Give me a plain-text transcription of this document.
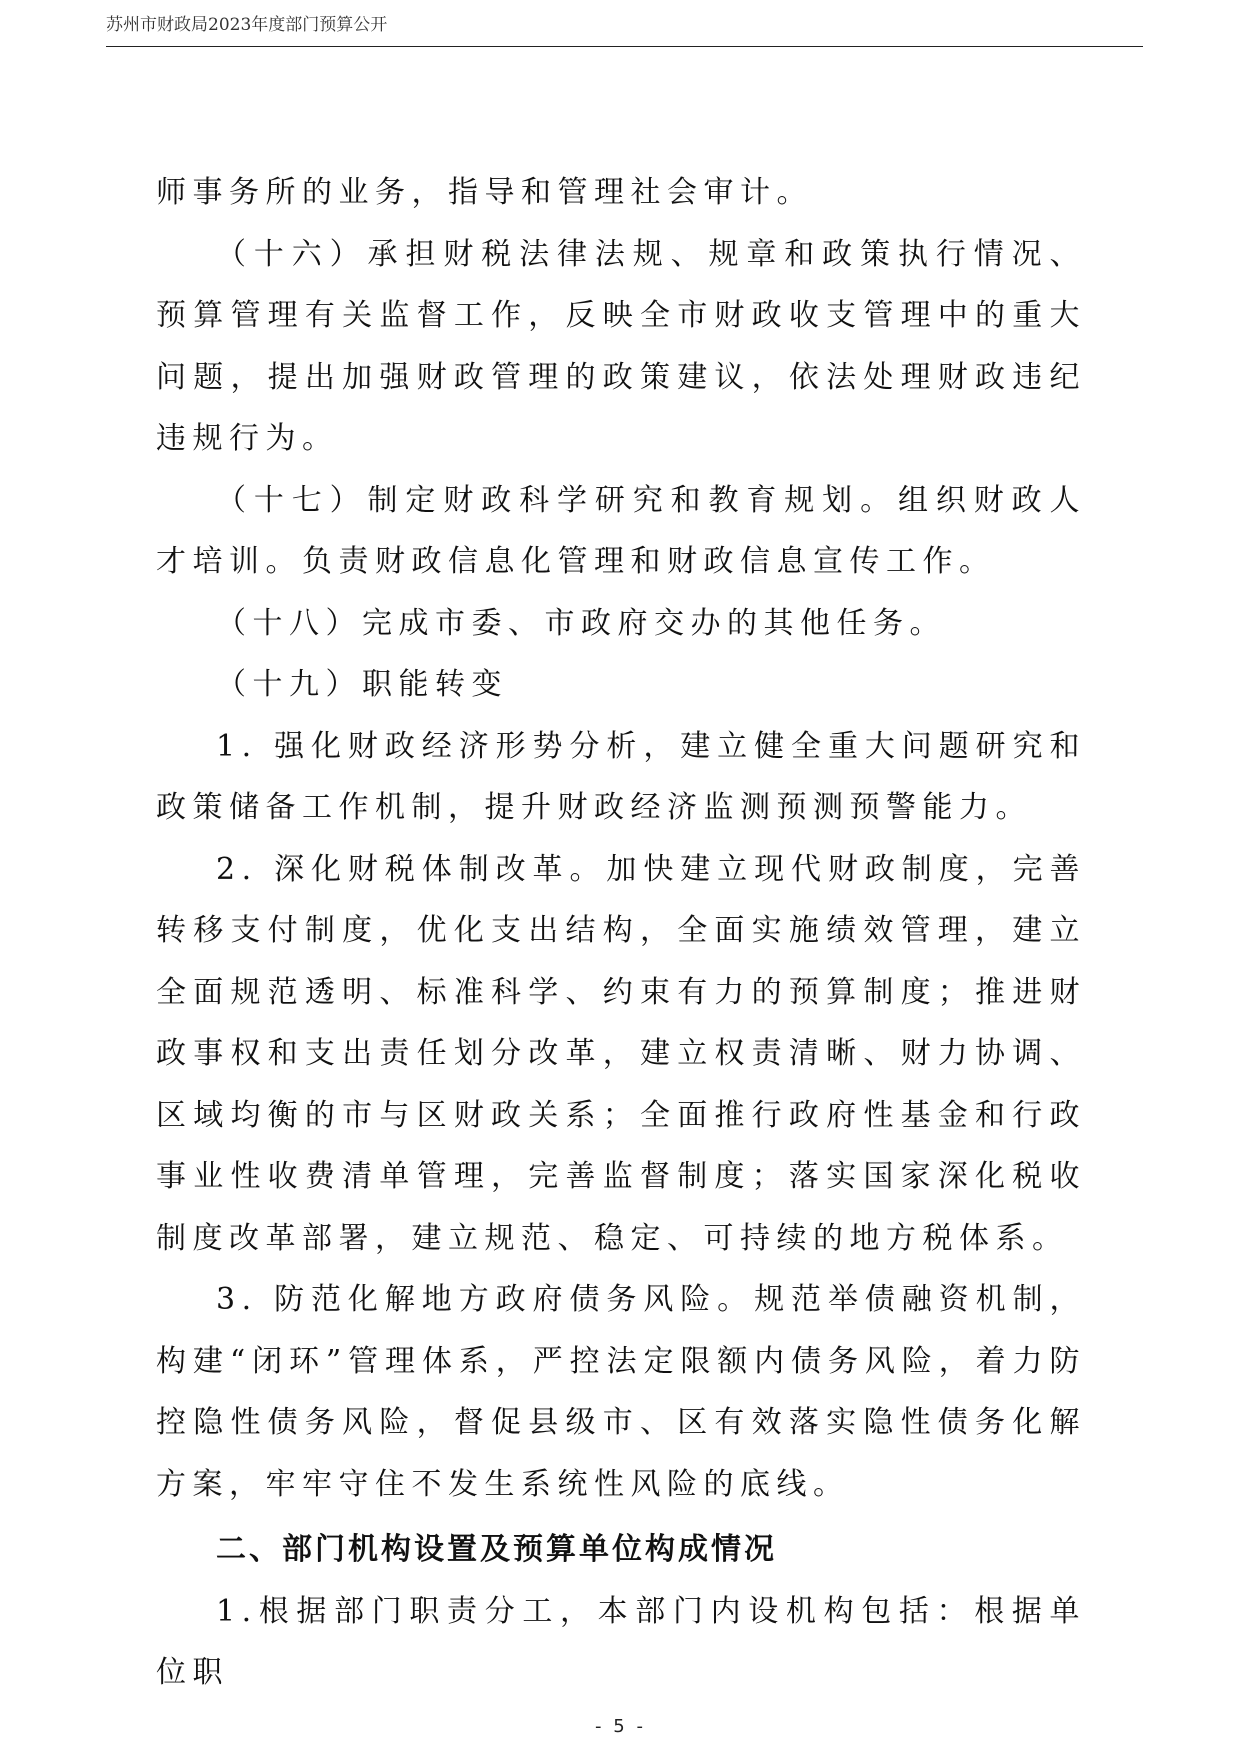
苏州市财政局2023年度部门预算公开

师事务所的业务，指导和管理社会审计。

（十六）承担财税法律法规、规章和政策执行情况、预算管理有关监督工作，反映全市财政收支管理中的重大问题，提出加强财政管理的政策建议，依法处理财政违纪违规行为。

（十七）制定财政科学研究和教育规划。组织财政人才培训。负责财政信息化管理和财政信息宣传工作。

（十八）完成市委、市政府交办的其他任务。

（十九）职能转变

1. 强化财政经济形势分析，建立健全重大问题研究和政策储备工作机制，提升财政经济监测预测预警能力。

2. 深化财税体制改革。加快建立现代财政制度，完善转移支付制度，优化支出结构，全面实施绩效管理，建立全面规范透明、标准科学、约束有力的预算制度；推进财政事权和支出责任划分改革，建立权责清晰、财力协调、区域均衡的市与区财政关系；全面推行政府性基金和行政事业性收费清单管理，完善监督制度；落实国家深化税收制度改革部署，建立规范、稳定、可持续的地方税体系。

3. 防范化解地方政府债务风险。规范举债融资机制，构建“闭环”管理体系，严控法定限额内债务风险，着力防控隐性债务风险，督促县级市、区有效落实隐性债务化解方案，牢牢守住不发生系统性风险的底线。

二、部门机构设置及预算单位构成情况

1.根据部门职责分工，本部门内设机构包括：根据单位职

- 5 -
